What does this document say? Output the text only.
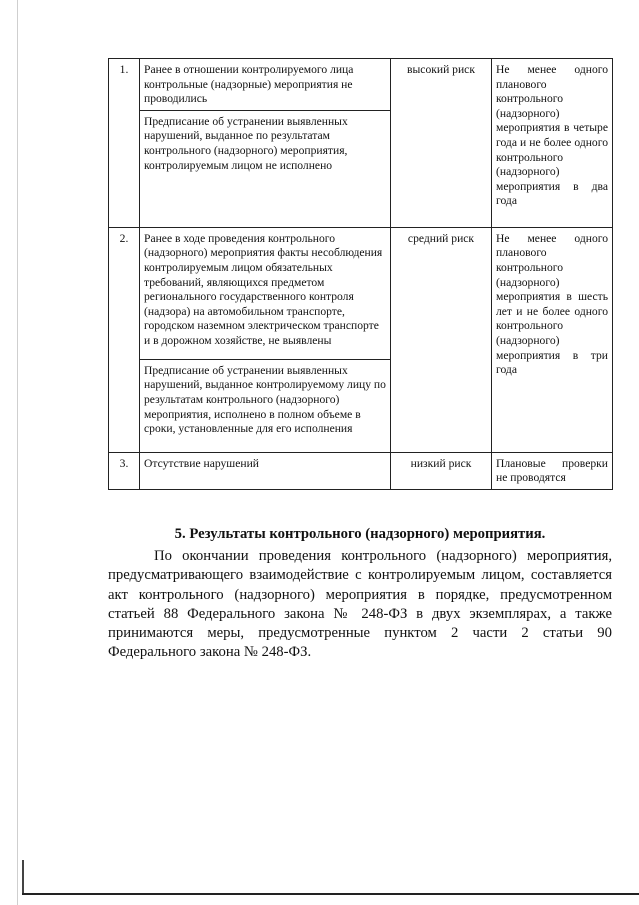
1.	Ранее в отношении контролируемого лица контрольные (надзорные) мероприятия не проводились	высокий риск	Не менее одного планового контрольного (надзорного) мероприятия в четыре года и не более одного контрольного (надзорного) мероприятия в два года
	Предписание об устранении выявленных нарушений, выданное по результатам контрольного (надзорного) мероприятия, контролируемым лицом не исполнено		
2.	Ранее в ходе проведения контрольного (надзорного) мероприятия факты несоблюдения контролируемым лицом обязательных требований, являющихся предметом регионального государственного контроля (надзора) на автомобильном транспорте, городском наземном электрическом транспорте и в дорожном хозяйстве, не выявлены	средний риск	Не менее одного планового контрольного (надзорного) мероприятия в шесть лет и не более одного контрольного (надзорного) мероприятия в три года
	Предписание об устранении выявленных нарушений, выданное контролируемому лицу по результатам контрольного (надзорного) мероприятия, исполнено в полном объеме в сроки, установленные для его исполнения		
3.	Отсутствие нарушений	низкий риск	Плановые проверки не проводятся
5. Результаты контрольного (надзорного) мероприятия.

По окончании проведения контрольного (надзорного) мероприятия, предусматривающего взаимодействие с контролируемым лицом, составляется акт контрольного (надзорного) мероприятия в порядке, предусмотренном статьей 88 Федерального закона № 248-ФЗ в двух экземплярах, а также принимаются меры, предусмотренные пунктом 2 части 2 статьи 90 Федерального закона № 248-ФЗ.
